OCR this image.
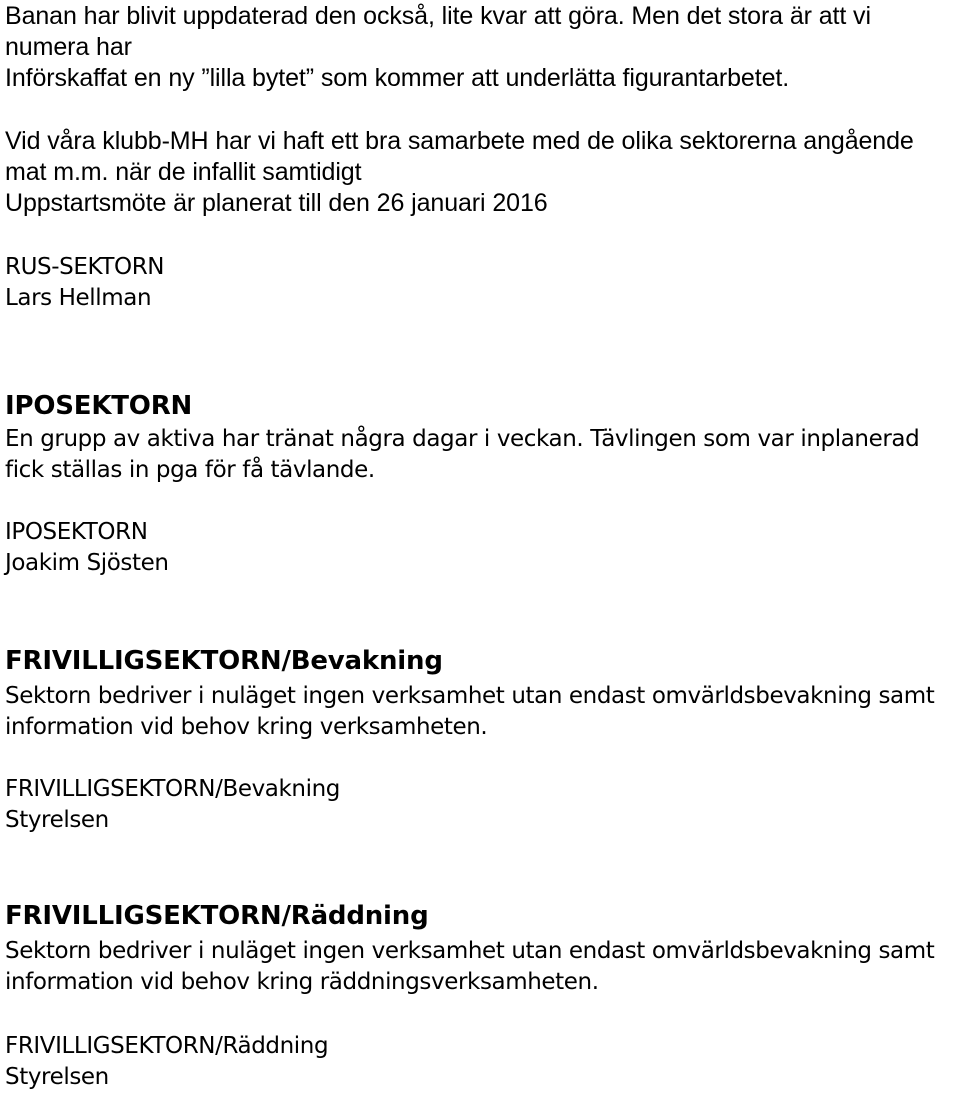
Banan har blivit uppdaterad den också, lite kvar att göra. Men det stora är att vi
numera har
Införskaffat en ny ”lilla bytet” som kommer att underlätta figurantarbetet.
Vid våra klubb-MH har vi haft ett bra samarbete med de olika sektorerna angående
mat m.m. när de infallit samtidigt
Uppstartsmöte är planerat till den 26 januari 2016
RUS-SEKTORN
Lars Hellman
IPOSEKTORN
En grupp av aktiva har tränat några dagar i veckan. Tävlingen som var inplanerad
fick ställas in pga för få tävlande.
IPOSEKTORN
Joakim Sjösten
FRIVILLIGSEKTORN/Bevakning
Sektorn bedriver i nuläget ingen verksamhet utan endast omvärldsbevakning samt
information vid behov kring verksamheten.
FRIVILLIGSEKTORN/Bevakning
Styrelsen
FRIVILLIGSEKTORN/Räddning
Sektorn bedriver i nuläget ingen verksamhet utan endast omvärldsbevakning samt
information vid behov kring räddningsverksamheten.
FRIVILLIGSEKTORN/Räddning
Styrelsen
